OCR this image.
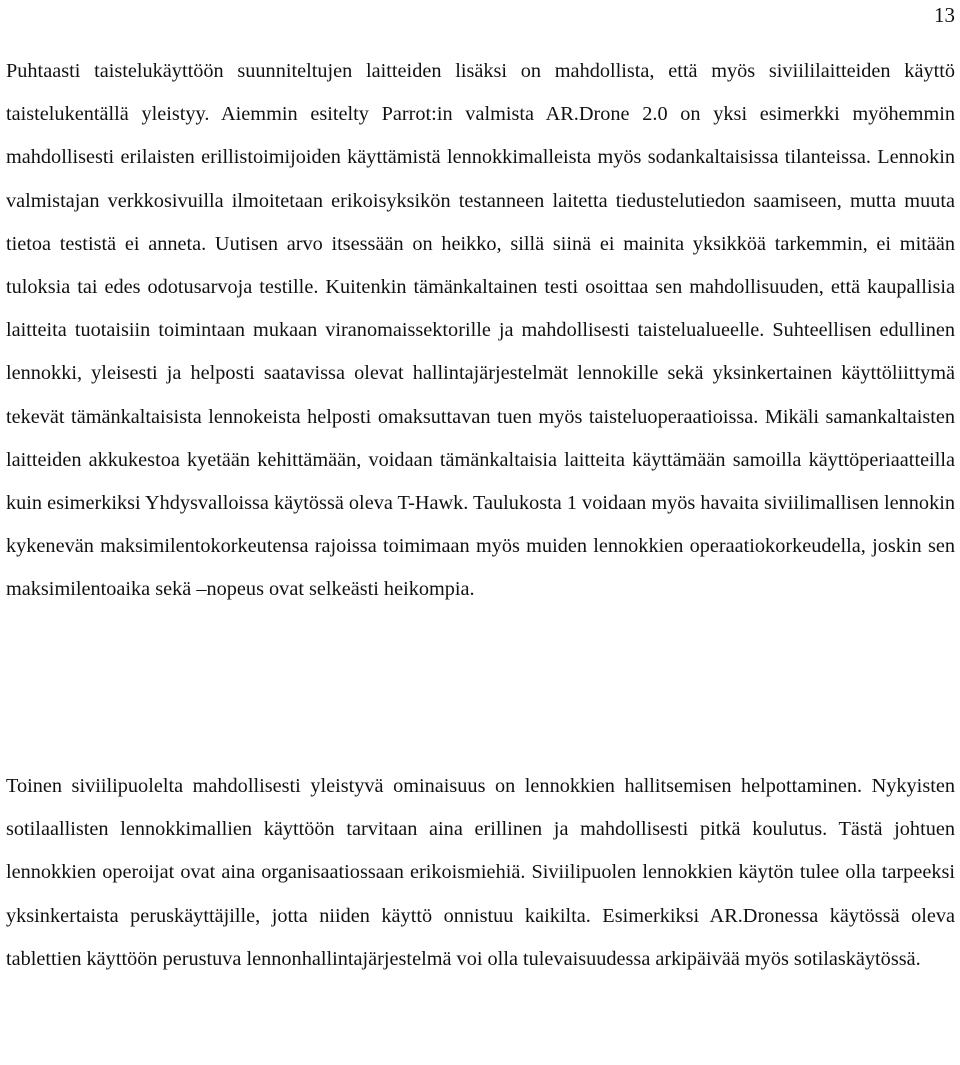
13

Puhtaasti taistelukäyttöön suunniteltujen laitteiden lisäksi on mahdollista, että myös siviililaitteiden käyttö taistelukentällä yleistyy. Aiemmin esitelty Parrot:in valmista AR.Drone 2.0 on yksi esimerkki myöhemmin mahdollisesti erilaisten erillistoimijoiden käyttämistä lennokkimalleista myös sodankaltaisissa tilanteissa. Lennokin valmistajan verkkosivuilla ilmoitetaan erikoisyksikön testanneen laitetta tiedustelutiedon saamiseen, mutta muuta tietoa testistä ei anneta. Uutisen arvo itsessään on heikko, sillä siinä ei mainita yksikköä tarkemmin, ei mitään tuloksia tai edes odotusarvoja testille. Kuitenkin tämänkaltainen testi osoittaa sen mahdollisuuden, että kaupallisia laitteita tuotaisiin toimintaan mukaan viranomaissektorille ja mahdollisesti taistelualueelle. Suhteellisen edullinen lennokki, yleisesti ja helposti saatavissa olevat hallintajärjestelmät lennokille sekä yksinkertainen käyttöliittymä tekevät tämänkaltaisista lennokeista helposti omaksuttavan tuen myös taisteluoperaatioissa. Mikäli samankaltaisten laitteiden akkukestoa kyetään kehittämään, voidaan tämänkaltaisia laitteita käyttämään samoilla käyttöperiaatteilla kuin esimerkiksi Yhdysvalloissa käytössä oleva T-Hawk. Taulukosta 1 voidaan myös havaita siviilimallisen lennokin kykenevän maksimilentokorkeutensa rajoissa toimimaan myös muiden lennokkien operaatiokorkeudella, joskin sen maksimilentoaika sekä –nopeus ovat selkeästi heikompia.

Toinen siviilipuolelta mahdollisesti yleistyvä ominaisuus on lennokkien hallitsemisen helpottaminen. Nykyisten sotilaallisten lennokkimallien käyttöön tarvitaan aina erillinen ja mahdollisesti pitkä koulutus. Tästä johtuen lennokkien operoijat ovat aina organisaatiossaan erikoismiehiä. Siviilipuolen lennokkien käytön tulee olla tarpeeksi yksinkertaista peruskäyttäjille, jotta niiden käyttö onnistuu kaikilta. Esimerkiksi AR.Dronessa käytössä oleva tablettien käyttöön perustuva lennonhallintajärjestelmä voi olla tulevaisuudessa arkipäivää myös sotilaskäytössä.
